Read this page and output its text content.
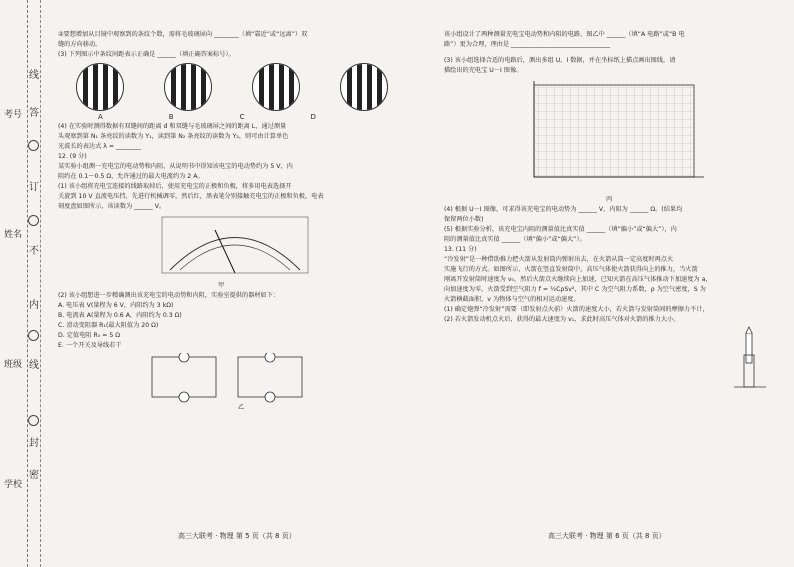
学校
班级
姓名
考号
线
答
订
不
内
线
封
密

②要想增加从目镜中观察到的条纹个数，需将毛玻璃屏向 ________（填“靠近”或“远离”）双

缝的方向移动。

(3) 下列图示中条纹间距表示正确是 ______（填正确答案标号）。

A	B	C	D

(4) 在实验时测得数据有双缝间的距离 d 和双缝与毛玻璃屏之间的距离 L，通过测量

头观察到第 N₁ 条亮纹的读数为 Y₁，读到第 N₂ 条亮纹的读数为 Y₂，则可由计算单色

光波长的表达式 λ = ________

12. (9 分)

某实验小组测一充电宝的电动势和内阻，从说明书中得知该电宝的电动势约为 5 V，内

阻约在 0.1～0.5 Ω，允许通过的最大电流约为 2 A。

(1) 该小组将充电宝连接的线路取掉后，使用充电宝的正极和负极，将多用电表选择开

关旋到 10 V 直流电压挡，先进行机械调零，然后红，黑表笔分别接触充电宝的正极和负极，电表

刻度盘如图所示，该读数为 ______ V。

甲

(2) 该小组想进一步精确测出该充电宝的电动势和内阻，实验室提供的器材如下：

A. 电压表 V(量程为 6 V，内阻约为 3 kΩ)

B. 电流表 A(量程为 0.6 A，内阻约为 0.3 Ω)

C. 滑动变阻器 R₁(最大阻值为 20 Ω)

D. 定值电阻 R₀ = 5 Ω

E. 一个开关及导线若干

乙

高三大联考 · 物理 第 5 页（共 8 页）

该小组设计了两种测量充电宝电动势和内阻的电路，图乙中 ______（填“A 电路”或“B 电

路”）更为合理，理由是 ________________________________

(3) 该小组选择合适的电路后，测出多组 U、I 数据，并在坐标纸上描点画出图线，请

描绘出的充电宝 U－I 图像。

丙

(4) 根据 U－I 图像，可求得该充电宝的电动势为 ______ V，内阻为 ______ Ω。(结果均

保留两位小数)

(5) 根据实验分析，该充电宝内阻的测量值比真实值 ______（填“偏小”或“偏大”），内

阻的测量值比真实值 ______（填“偏小”或“偏大”）。

13. (11 分)

“冷发射”是一种借助推力把火箭从发射筒内弹射出去，在火箭从筒一定高度时再点火

实施飞行的方式。如图所示，火箭在竖直发射筒中，高压气体使火箭获得向上的推力，当火箭

刚离开发射筒时速度为 v₀，然后火箭点火继续向上加速，已知火箭在高压气体推动下加速度为 a，

向加速度为零，火箭受到空气阻力 f = ½CρSv²，其中 C 为空气阻力系数，ρ 为空气密度，S 为

火箭横截面积，v 为物体与空气的相对运动速度。

(1) 确定炮弹“冷发射”需要（即发射点火前）火箭的速度大小，若火箭与发射筒间的摩擦力不计，

(2) 若火箭发动机点火后，获得的最大速度为 v₁，求此时高压气体对火箭的推力大小。

高三大联考 · 物理 第 6 页（共 8 页）
